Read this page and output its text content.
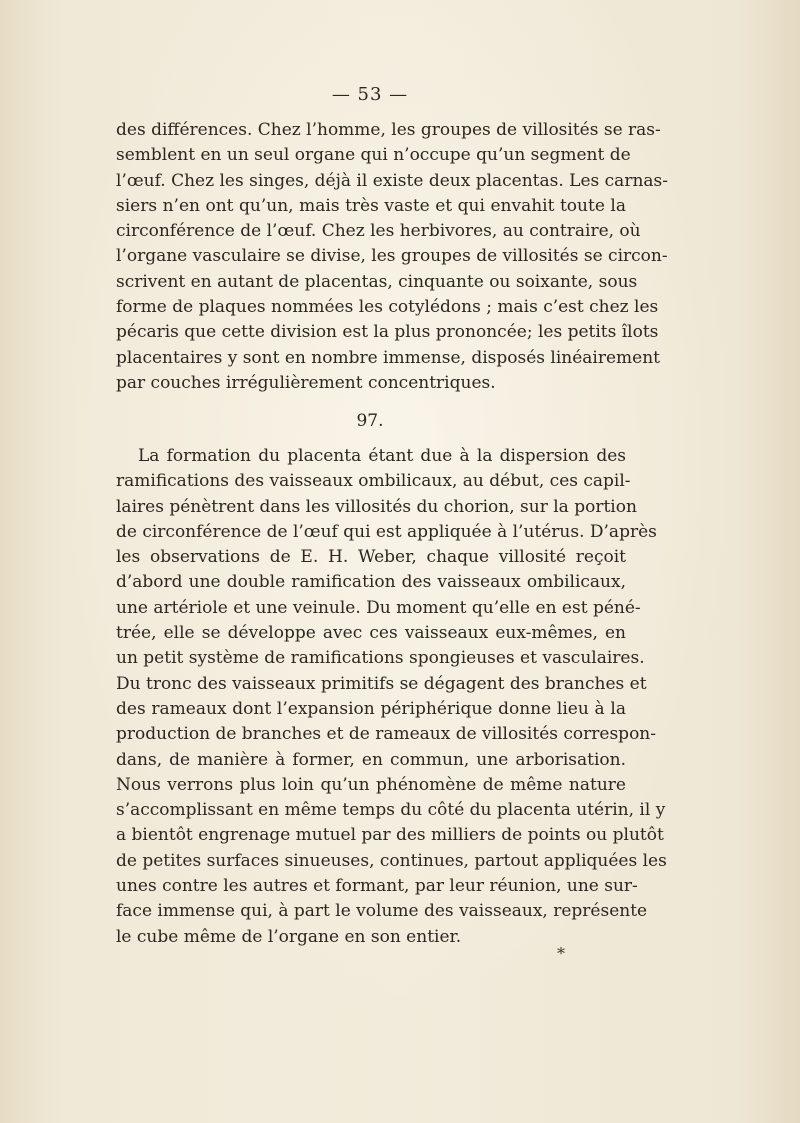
— 53 —
des différences. Chez l’homme, les groupes de villosités se ras-
semblent en un seul organe qui n’occupe qu’un segment de
l’œuf. Chez les singes, déjà il existe deux placentas. Les carnas-
siers n’en ont qu’un, mais très vaste et qui envahit toute la
circonférence de l’œuf. Chez les herbivores, au contraire, où
l’organe vasculaire se divise, les groupes de villosités se circon-
scrivent en autant de placentas, cinquante ou soixante, sous
forme de plaques nommées les cotylédons ; mais c’est chez les
pécaris que cette division est la plus prononcée; les petits îlots
placentaires y sont en nombre immense, disposés linéairement
par couches irrégulièrement concentriques.
97.
La formation du placenta étant due à la dispersion des
ramifications des vaisseaux ombilicaux, au début, ces capil-
laires pénètrent dans les villosités du chorion, sur la portion
de circonférence de l’œuf qui est appliquée à l’utérus. D’après
les observations de E. H. Weber, chaque villosité reçoit
d’abord une double ramification des vaisseaux ombilicaux,
une artériole et une veinule. Du moment qu’elle en est péné-
trée, elle se développe avec ces vaisseaux eux-mêmes, en
un petit système de ramifications spongieuses et vasculaires.
Du tronc des vaisseaux primitifs se dégagent des branches et
des rameaux dont l’expansion périphérique donne lieu à la
production de branches et de rameaux de villosités correspon-
dans, de manière à former, en commun, une arborisation.
Nous verrons plus loin qu’un phénomène de même nature
s’accomplissant en même temps du côté du placenta utérin, il y
a bientôt engrenage mutuel par des milliers de points ou plutôt
de petites surfaces sinueuses, continues, partout appliquées les
unes contre les autres et formant, par leur réunion, une sur-
face immense qui, à part le volume des vaisseaux, représente
le cube même de l’organe en son entier.
*
